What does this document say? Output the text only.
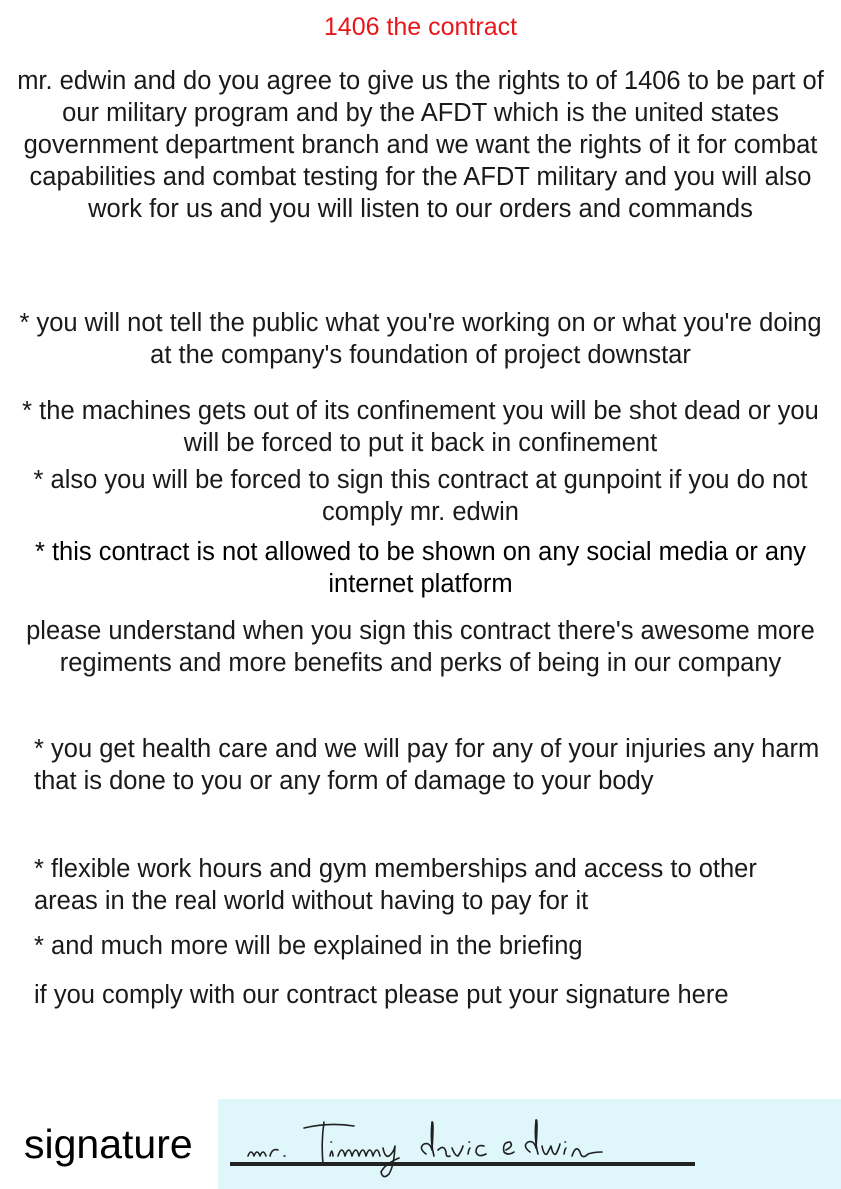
1406 the contract
mr. edwin and do you agree to give us the rights to of 1406 to be part of our military program and by the AFDT which is the united states government department branch and we want the rights of it for combat capabilities and combat testing for the AFDT military and you will also work for us and you will listen to our orders and commands
* you will not tell the public what you're working on or what you're doing at the company's foundation of project downstar
* the machines gets out of its confinement you will be shot dead or you will be forced to put it back in confinement
* also you will be forced to sign this contract at gunpoint if you do not comply mr. edwin
* this contract is not allowed to be shown on any social media or any internet platform
please understand when you sign this contract there's awesome more regiments and more benefits and perks of being in our company
* you get health care and we will pay for any of your injuries any harm that is done to you or any form of damage to your body
* flexible work hours and gym memberships and access to other areas in the real world without having to pay for it
* and much more will be explained in the briefing
if you comply with our contract please put your signature here
signature
